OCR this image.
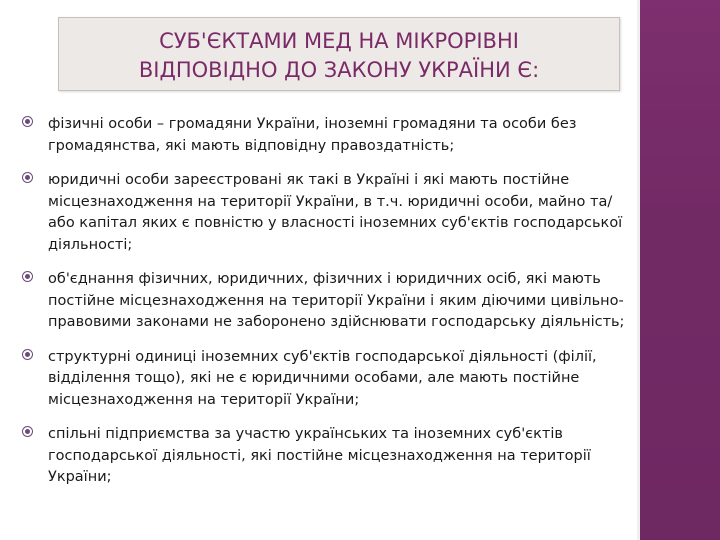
СУБ'ЄКТАМИ МЕД НА МІКРОРІВНІ
ВІДПОВІДНО ДО ЗАКОНУ УКРАЇНИ Є:
фізичні особи – громадяни України, іноземні громадяни та особи без громадянства, які мають відповідну правоздатність;
юридичні особи зареєстровані як такі в Україні і які мають постійне місцезнаходження на території України, в т.ч. юридичні особи, майно та/або капітал яких є повністю у власності іноземних суб'єктів господарської діяльності;
об'єднання фізичних, юридичних, фізичних і юридичних осіб, які мають постійне місцезнаходження на території України і яким діючими цивільно-правовими законами не заборонено здійснювати господарську діяльність;
структурні одиниці іноземних суб'єктів господарської діяльності (філії, відділення тощо), які не є юридичними особами, але мають постійне місцезнаходження на території України;
спільні підприємства за участю українських та іноземних суб'єктів господарської діяльності, які постійне місцезнаходження на території України;
